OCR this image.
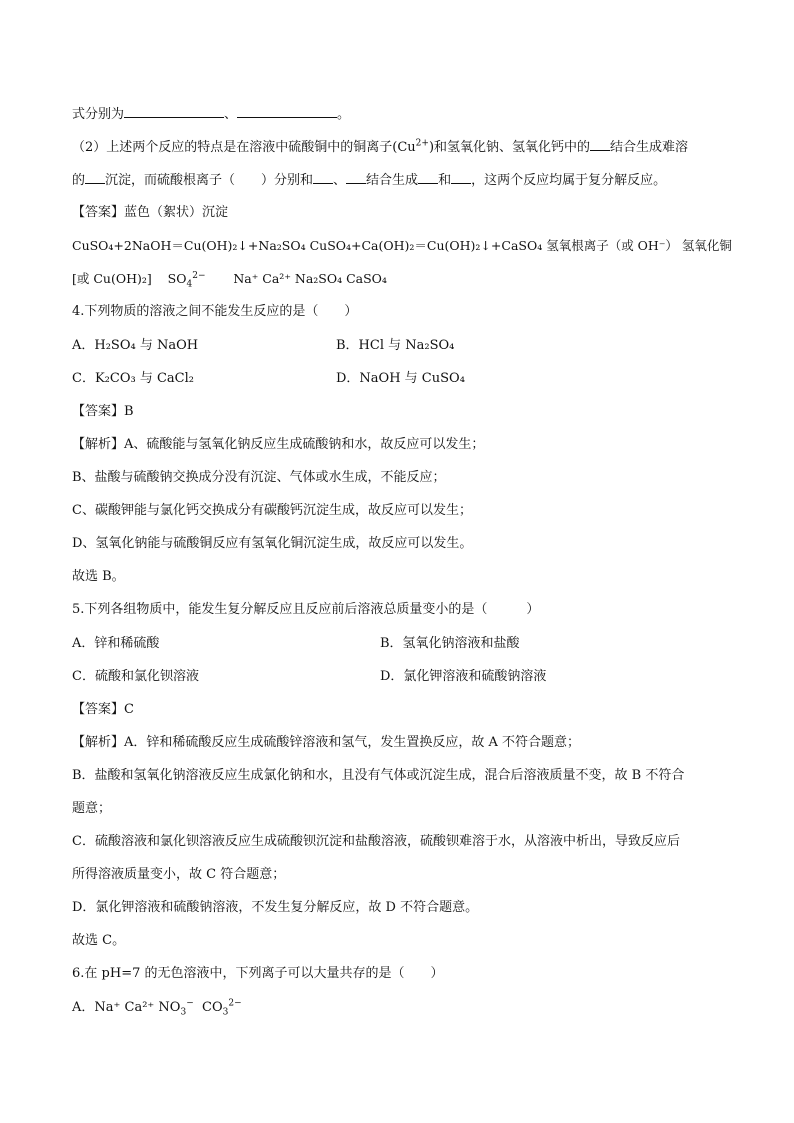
式分别为	、	。
（2）上述两个反应的特点是在溶液中硫酸铜中的铜离子$(Cu^{2+})$和氢氧化钠、氢氧化钙中的 结合生成难溶
的 沉淀，而硫酸根离子（　　）分别和 、 结合生成 和 ，这两个反应均属于复分解反应。
【答案】蓝色（絮状）沉淀
CuSO₄+2NaOH＝Cu(OH)₂↓+Na₂SO₄ CuSO₄+Ca(OH)₂＝Cu(OH)₂↓+CaSO₄ 氢氧根离子（或 OH⁻） 氢氧化铜
[或 Cu(OH)₂] $SO_4^{2-}$ Na⁺ Ca²⁺ Na₂SO₄ CaSO₄
4.下列物质的溶液之间不能发生反应的是（　　）
A．H₂SO₄ 与 NaOH	B．HCl 与 Na₂SO₄
C．K₂CO₃ 与 CaCl₂	D．NaOH 与 CuSO₄
【答案】B
【解析】A、硫酸能与氢氧化钠反应生成硫酸钠和水，故反应可以发生；
B、盐酸与硫酸钠交换成分没有沉淀、气体或水生成，不能反应；
C、碳酸钾能与氯化钙交换成分有碳酸钙沉淀生成，故反应可以发生；
D、氢氧化钠能与硫酸铜反应有氢氧化铜沉淀生成，故反应可以发生。
故选 B。
5.下列各组物质中，能发生复分解反应且反应前后溶液总质量变小的是（　　　）
A．锌和稀硫酸	B．氢氧化钠溶液和盐酸
C．硫酸和氯化钡溶液	D．氯化钾溶液和硫酸钠溶液
【答案】C
【解析】A．锌和稀硫酸反应生成硫酸锌溶液和氢气，发生置换反应，故 A 不符合题意；
B．盐酸和氢氧化钠溶液反应生成氯化钠和水，且没有气体或沉淀生成，混合后溶液质量不变，故 B 不符合
题意；
C．硫酸溶液和氯化钡溶液反应生成硫酸钡沉淀和盐酸溶液，硫酸钡难溶于水，从溶液中析出，导致反应后
所得溶液质量变小，故 C 符合题意；
D．氯化钾溶液和硫酸钠溶液，不发生复分解反应，故 D 不符合题意。
故选 C。
6.在 pH=7 的无色溶液中，下列离子可以大量共存的是（　　）
A．Na⁺ Ca²⁺ $NO_3^-$ $CO_3^{2-}$
